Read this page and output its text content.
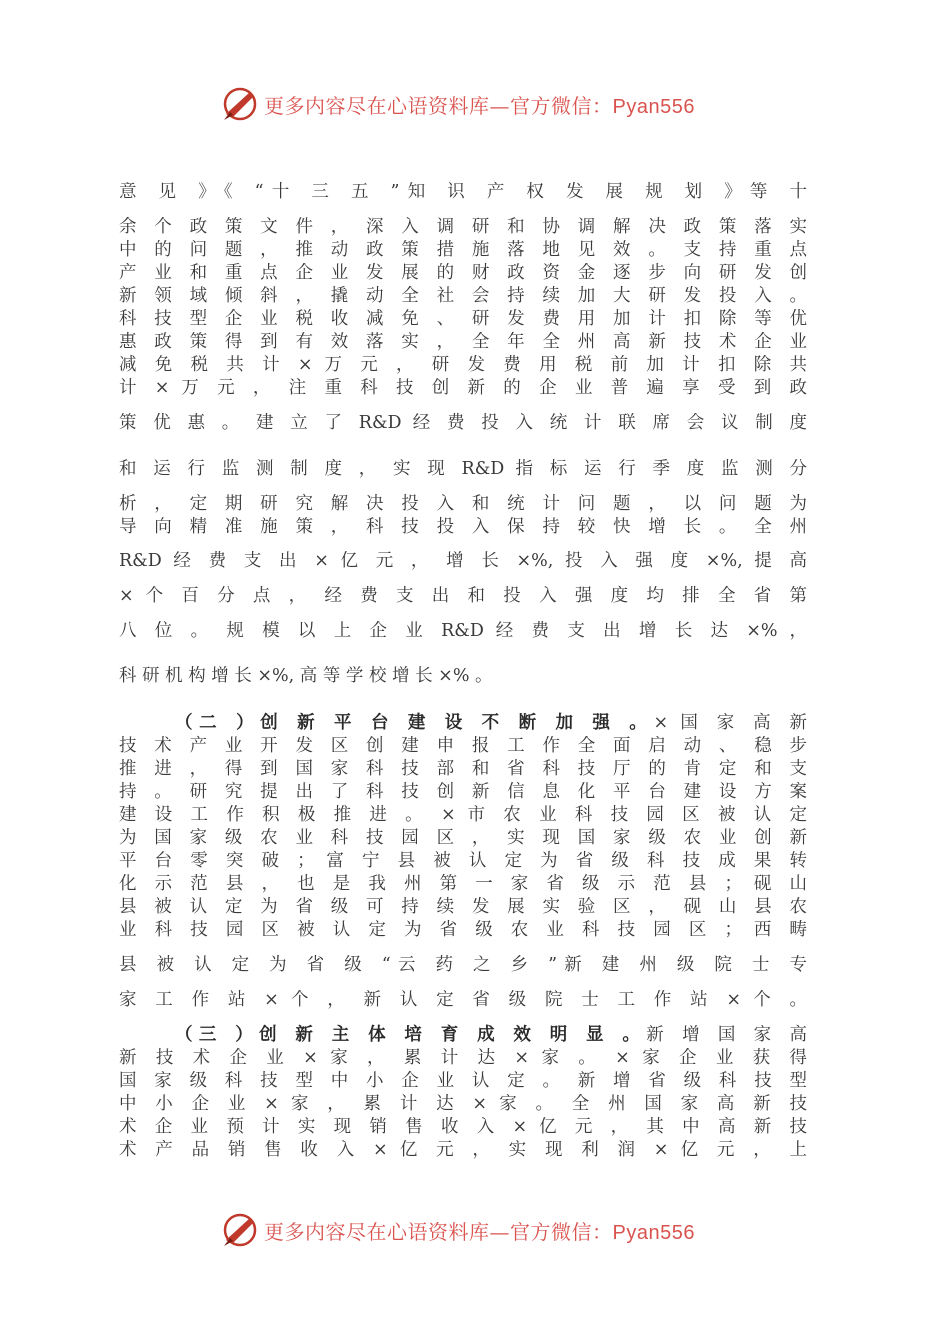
更多内容尽在心语资料库—官方微信：Pyan556
意 见 》《 “十 三 五 ”知 识 产 权 发 展 规 划 》等 十
余 个 政 策 文 件 ， 深 入 调 研 和 协 调 解 决 政 策 落 实
中 的 问 题 ， 推 动 政 策 措 施 落 地 见 效 。 支 持 重 点
产 业 和 重 点 企 业 发 展 的 财 政 资 金 逐 步 向 研 发 创
新 领 域 倾 斜 ， 撬 动 全 社 会 持 续 加 大 研 发 投 入 。
科 技 型 企 业 税 收 减 免 、 研 发 费 用 加 计 扣 除 等 优
惠 政 策 得 到 有 效 落 实 ， 全 年 全 州 高 新 技 术 企 业
减 免 税 共 计 × 万 元 ， 研 发 费 用 税 前 加 计 扣 除 共
计 × 万 元 ， 注 重 科 技 创 新 的 企 业 普 遍 享 受 到 政
策 优 惠 。 建 立 了 R&D 经 费 投 入 统 计 联 席 会 议 制 度
和 运 行 监 测 制 度 ， 实 现 R&D 指 标 运 行 季 度 监 测 分
析 ， 定 期 研 究 解 决 投 入 和 统 计 问 题 ， 以 问 题 为
导 向 精 准 施 策 ， 科 技 投 入 保 持 较 快 增 长 。 全 州
R&D 经 费 支 出 × 亿 元 ， 增 长 ×%, 投 入 强 度 ×%, 提 高
× 个 百 分 点 ， 经 费 支 出 和 投 入 强 度 均 排 全 省 第
八 位 。 规 模 以 上 企 业 R&D 经 费 支 出 增 长 达 ×% ，
科 研 机 构 增 长 ×%, 高 等 学 校 增 长 ×% 。
（二 ）创 新 平 台 建 设 不 断 加 强 。× 国 家 高 新
技 术 产 业 开 发 区 创 建 申 报 工 作 全 面 启 动 、 稳 步
推 进 ， 得 到 国 家 科 技 部 和 省 科 技 厅 的 肯 定 和 支
持 。 研 究 提 出 了 科 技 创 新 信 息 化 平 台 建 设 方 案
建 设 工 作 积 极 推 进 。 × 市 农 业 科 技 园 区 被 认 定
为 国 家 级 农 业 科 技 园 区 ， 实 现 国 家 级 农 业 创 新
平 台 零 突 破 ； 富 宁 县 被 认 定 为 省 级 科 技 成 果 转
化 示 范 县 ， 也 是 我 州 第 一 家 省 级 示 范 县 ； 砚 山
县 被 认 定 为 省 级 可 持 续 发 展 实 验 区 ， 砚 山 县 农
业 科 技 园 区 被 认 定 为 省 级 农 业 科 技 园 区 ； 西 畴
县 被 认 定 为 省 级 “云 药 之 乡 ”新 建 州 级 院 士 专
家 工 作 站 × 个 ， 新 认 定 省 级 院 士 工 作 站 × 个 。
（三 ）创 新 主 体 培 育 成 效 明 显 。新 增 国 家 高
新 技 术 企 业 × 家 ， 累 计 达 × 家 。 × 家 企 业 获 得
国 家 级 科 技 型 中 小 企 业 认 定 。 新 增 省 级 科 技 型
中 小 企 业 × 家 ， 累 计 达 × 家 。 全 州 国 家 高 新 技
术 企 业 预 计 实 现 销 售 收 入 × 亿 元 ， 其 中 高 新 技
术 产 品 销 售 收 入 × 亿 元 ， 实 现 利 润 × 亿 元 ， 上
更多内容尽在心语资料库—官方微信：Pyan556
